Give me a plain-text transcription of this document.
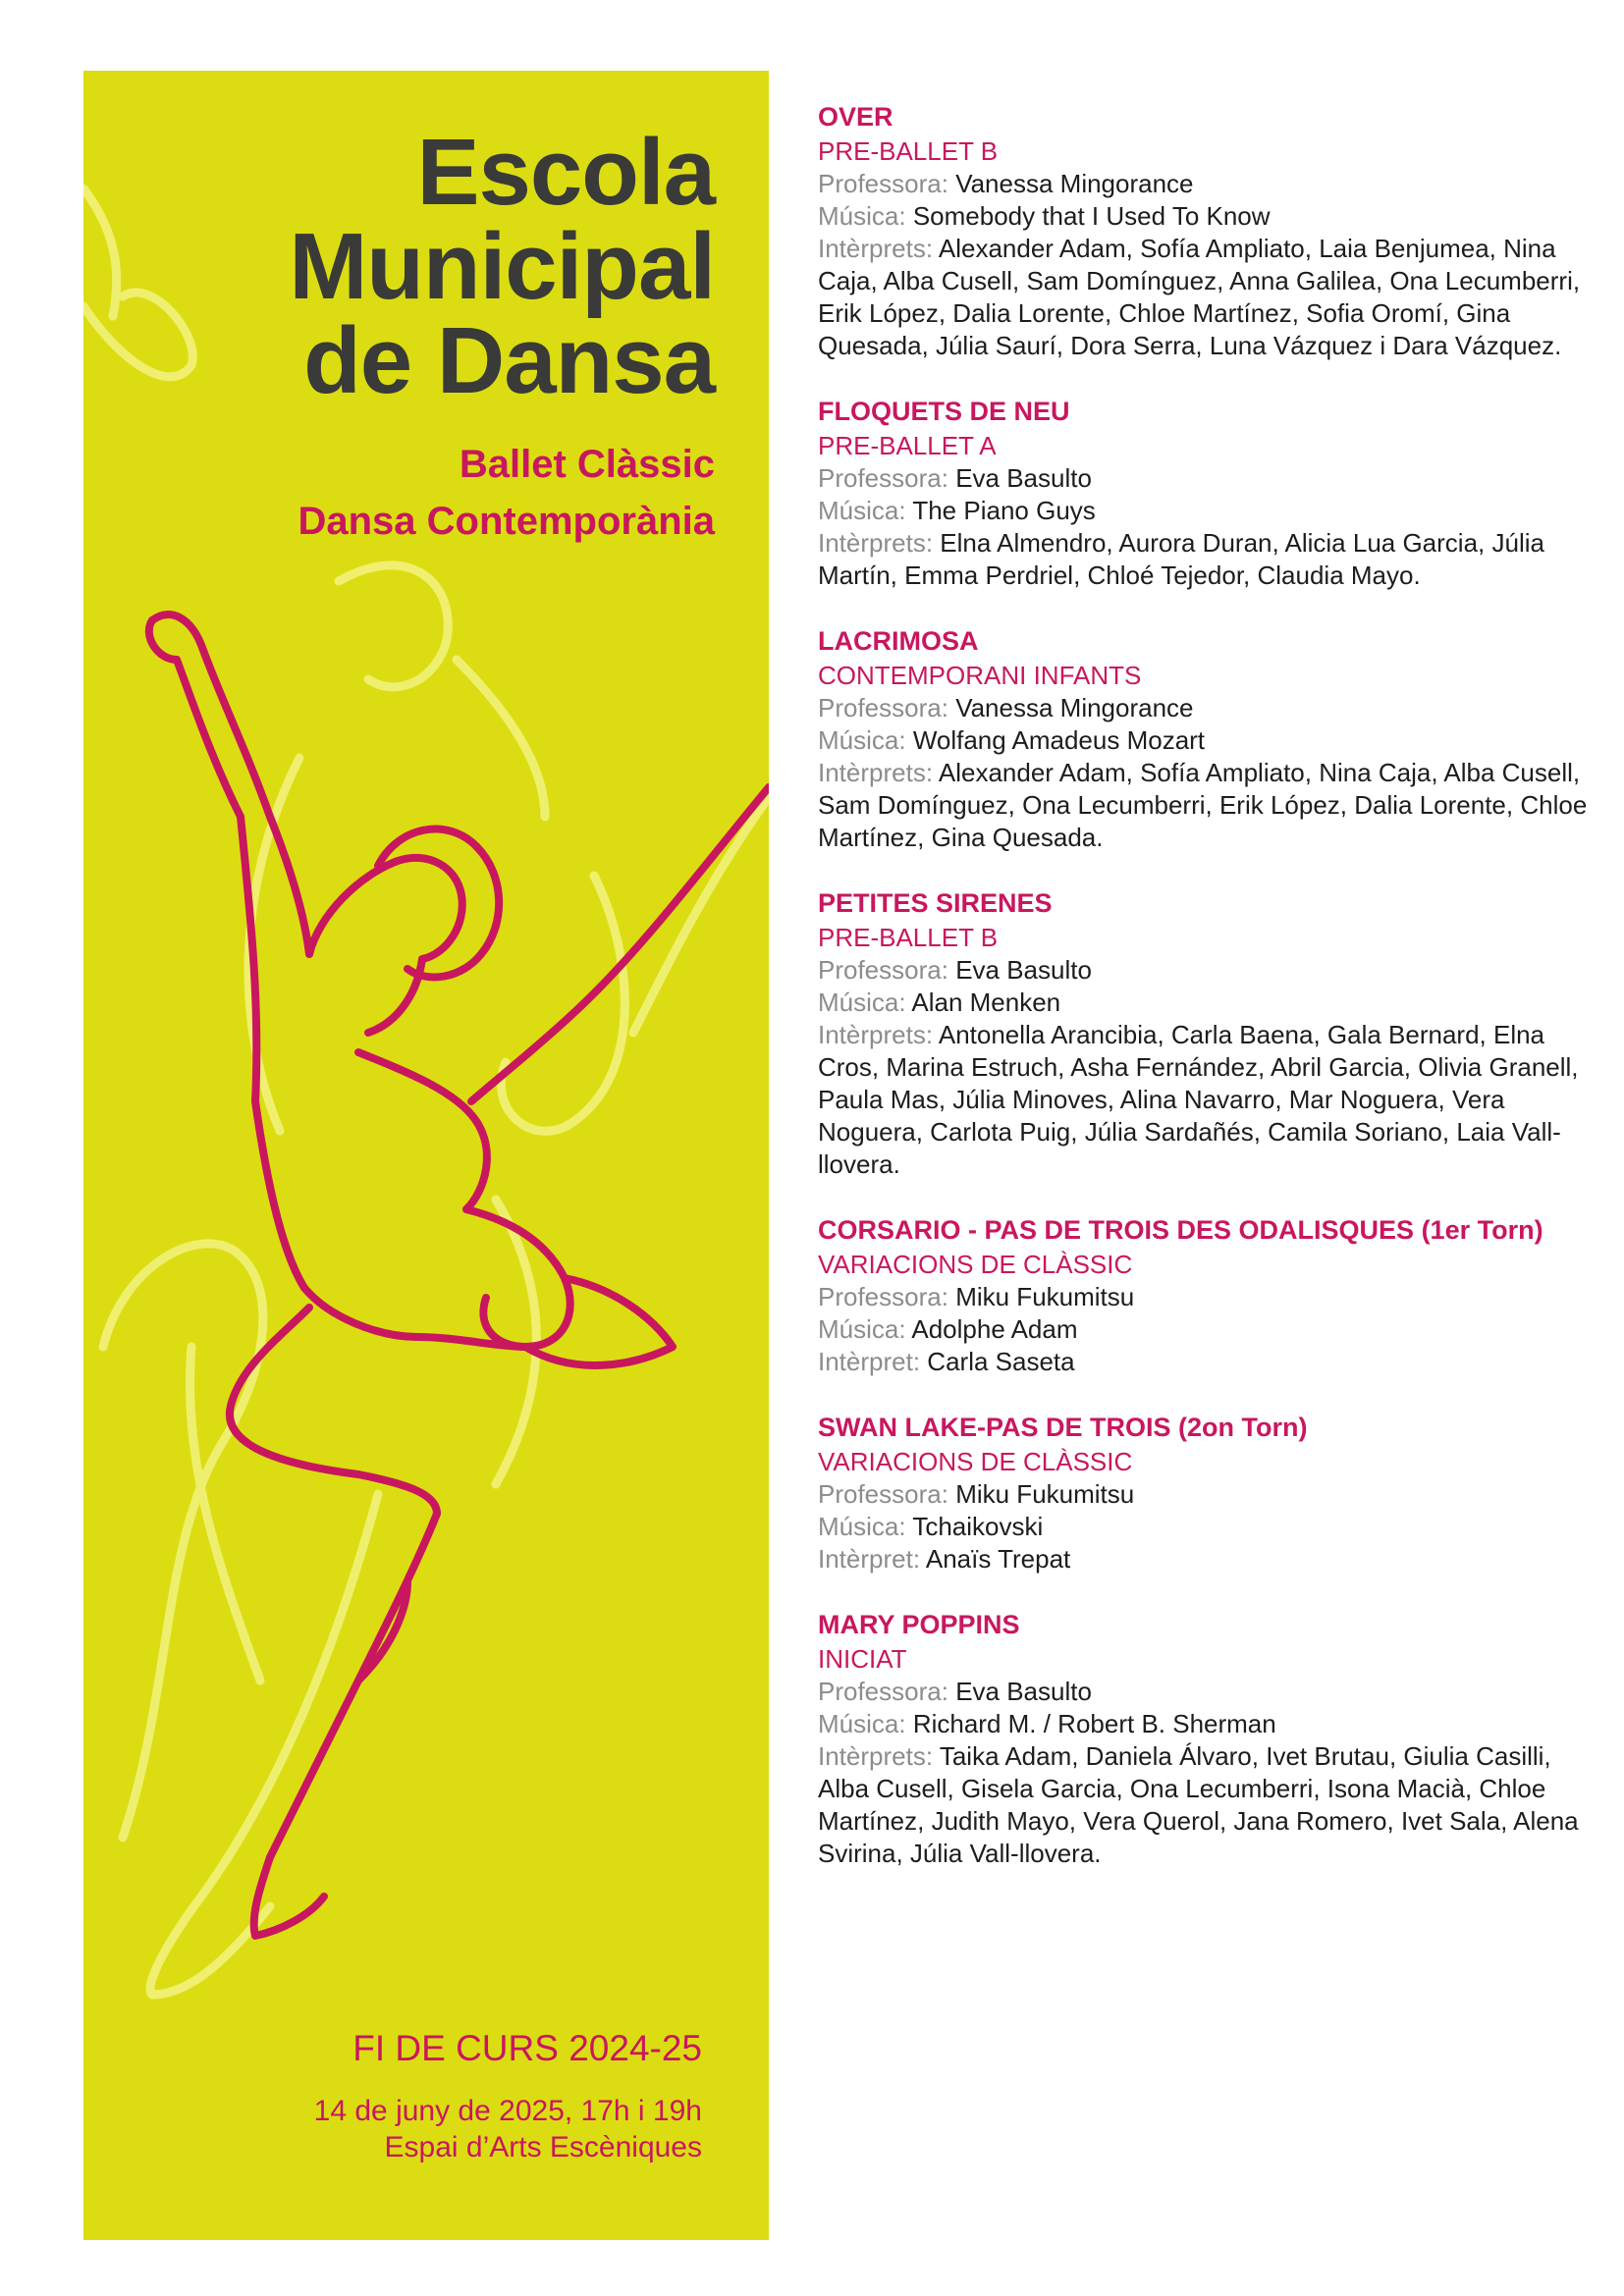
Escola
Municipal
de Dansa
Ballet Clàssic
Dansa Contemporània
FI DE CURS 2024-25
14 de juny de 2025, 17h i 19h
Espai d’Arts Escèniques
OVER
PRE-BALLET B
Professora: Vanessa Mingorance
Música: Somebody that I Used To Know
Intèrprets: Alexander Adam, Sofía Ampliato, Laia Benjumea, Nina Caja, Alba Cusell, Sam Domínguez, Anna Galilea, Ona Lecumberri, Erik López, Dalia Lorente, Chloe Martínez, Sofia Oromí, Gina Quesada, Júlia Saurí, Dora Serra, Luna Vázquez i Dara Vázquez.
FLOQUETS DE NEU
PRE-BALLET A
Professora: Eva Basulto
Música: The Piano Guys
Intèrprets: Elna Almendro, Aurora Duran, Alicia Lua Garcia, Júlia Martín, Emma Perdriel, Chloé Tejedor, Claudia Mayo.
LACRIMOSA
CONTEMPORANI INFANTS
Professora: Vanessa Mingorance
Música: Wolfang Amadeus Mozart
Intèrprets: Alexander Adam, Sofía Ampliato, Nina Caja, Alba Cusell, Sam Domínguez, Ona Lecumberri, Erik López, Dalia Lorente, Chloe Martínez, Gina Quesada.
PETITES SIRENES
PRE-BALLET B
Professora: Eva Basulto
Música: Alan Menken
Intèrprets: Antonella Arancibia, Carla Baena, Gala Bernard, Elna Cros, Marina Estruch, Asha Fernández, Abril Garcia, Olivia Granell, Paula Mas, Júlia Minoves, Alina Navarro, Mar Noguera, Vera Noguera, Carlota Puig, Júlia Sardañés, Camila Soriano, Laia Vall-llovera.
CORSARIO - PAS DE TROIS DES ODALISQUES (1er Torn)
VARIACIONS DE CLÀSSIC
Professora: Miku Fukumitsu
Música: Adolphe Adam
Intèrpret: Carla Saseta
SWAN LAKE-PAS DE TROIS (2on Torn)
VARIACIONS DE CLÀSSIC
Professora: Miku Fukumitsu
Música: Tchaikovski
Intèrpret: Anaïs Trepat
MARY POPPINS
INICIAT
Professora: Eva Basulto
Música: Richard M. / Robert B. Sherman
Intèrprets: Taika Adam, Daniela Álvaro, Ivet Brutau, Giulia Casilli, Alba Cusell, Gisela Garcia, Ona Lecumberri, Isona Macià, Chloe Martínez, Judith Mayo, Vera Querol, Jana Romero, Ivet Sala, Alena Svirina, Júlia Vall-llovera.
